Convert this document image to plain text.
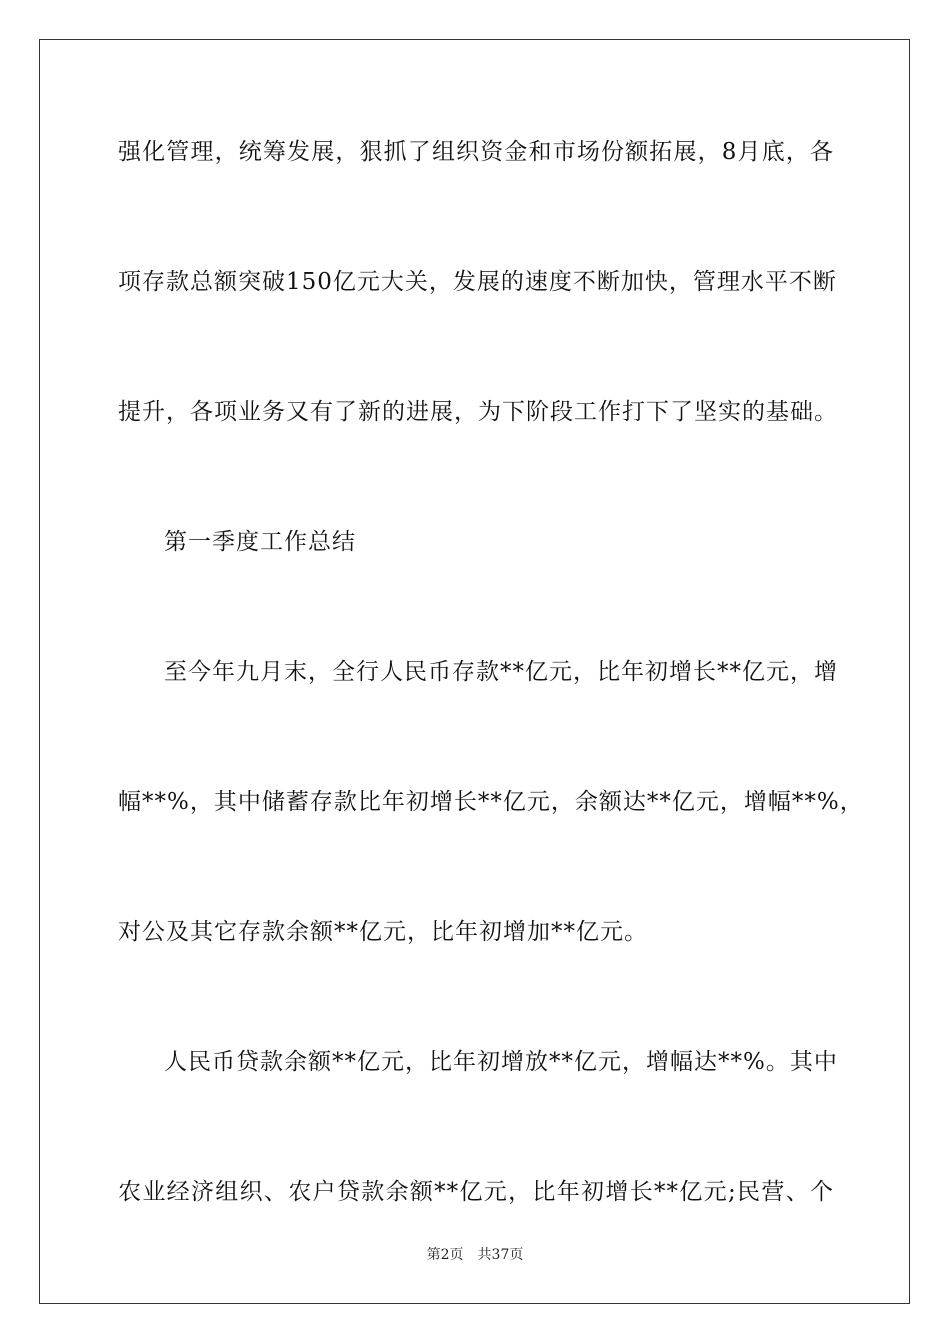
强化管理，统筹发展，狠抓了组织资金和市场份额拓展，8月底，各
项存款总额突破150亿元大关，发展的速度不断加快，管理水平不断
提升，各项业务又有了新的进展，为下阶段工作打下了坚实的基础。
第一季度工作总结
至今年九月末，全行人民币存款**亿元，比年初增长**亿元，增
幅**%，其中储蓄存款比年初增长**亿元，余额达**亿元，增幅**%，
对公及其它存款余额**亿元，比年初增加**亿元。
人民币贷款余额**亿元，比年初增放**亿元，增幅达**%。其中
农业经济组织、农户贷款余额**亿元，比年初增长**亿元;民营、个
第2页 共37页
